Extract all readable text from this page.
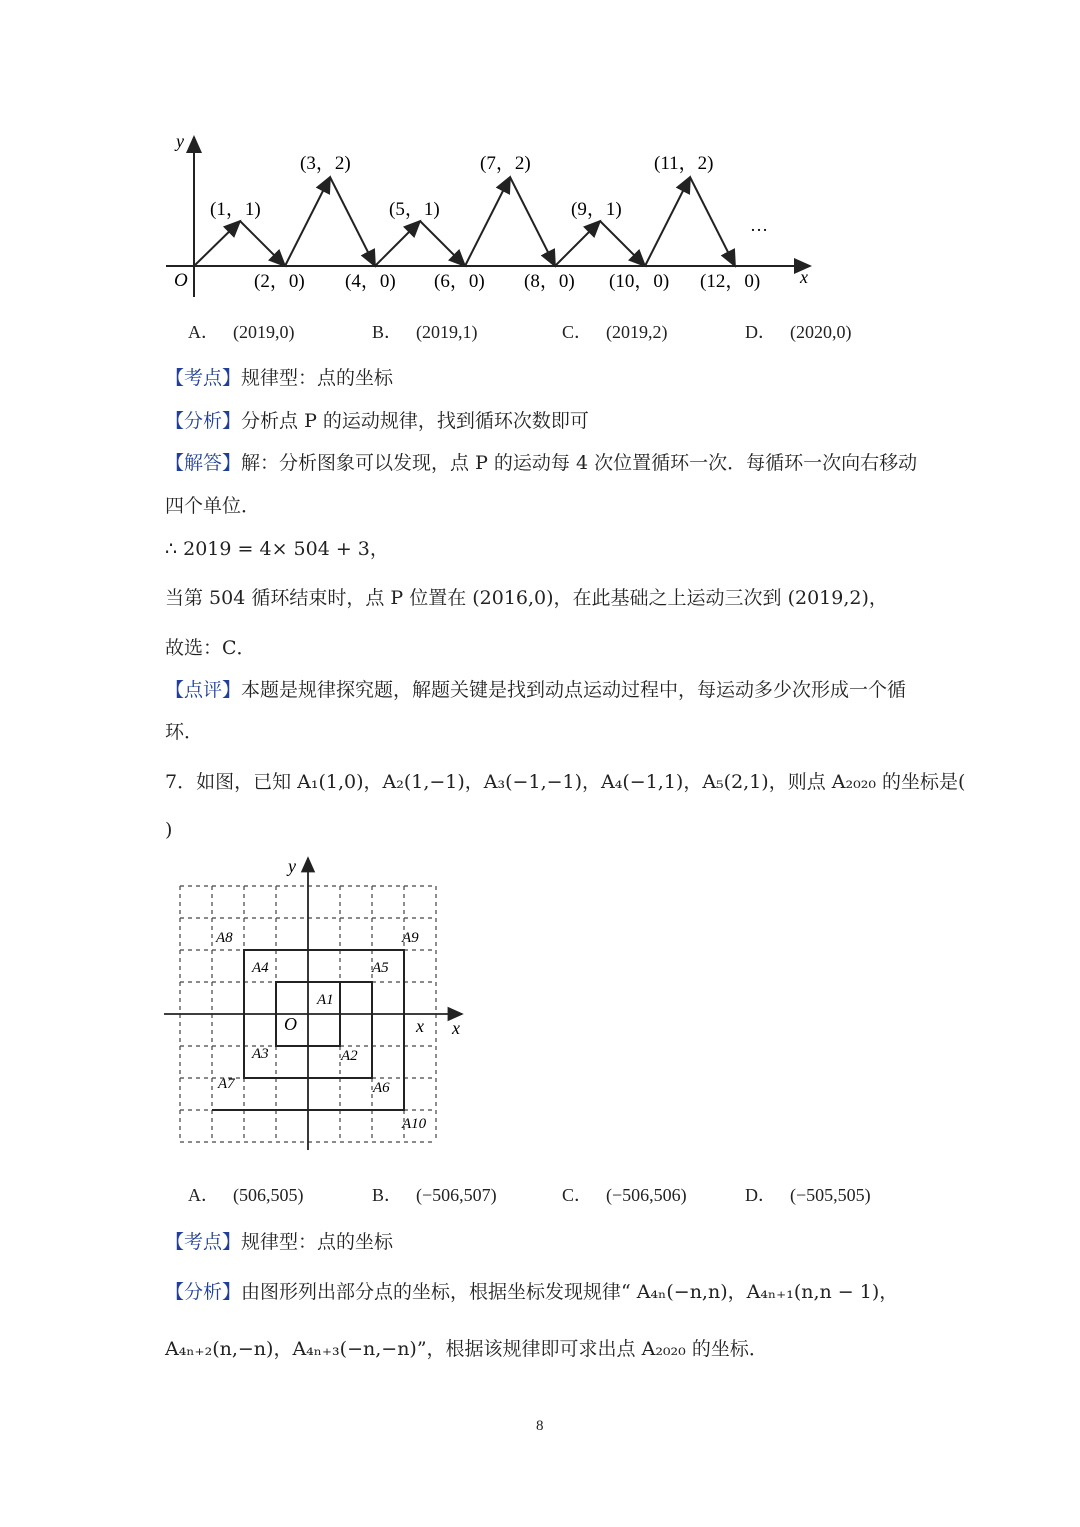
y
x
O
…
(1，1)
(3，2)
(5，1)
(7，2)
(9，1)
(11，2)
(2，0) (4，0) (6，0) (8，0) (10，0) (12，0)
A． (2019,0)	B． (2019,1)	C． (2019,2)	D． (2020,0)
【考点】规律型：点的坐标
【分析】分析点 P 的运动规律，找到循环次数即可
【解答】解：分析图象可以发现，点 P 的运动每 4 次位置循环一次．每循环一次向右移动
四个单位．
∴ 2019 = 4× 504 + 3，
当第 504 循环结束时，点 P 位置在 (2016,0)，在此基础之上运动三次到 (2019,2)，
故选：C．
【点评】本题是规律探究题，解题关键是找到动点运动过程中，每运动多少次形成一个循
环．
7．如图，已知 A₁(1,0)，A₂(1,−1)，A₃(−1,−1)，A₄(−1,1)，A₅(2,1)，则点 A₂₀₂₀ 的坐标是(
)
y
x
x
O
A1
A2
A3
A4	A5
A6
A7
A8	A9
A10
A． (506,505)	B． (−506,507)	C． (−506,506)	D． (−505,505)
【考点】规律型：点的坐标
【分析】由图形列出部分点的坐标，根据坐标发现规律“ A₄ₙ(−n,n)，A₄ₙ₊₁(n,n − 1)，
A₄ₙ₊₂(n,−n)，A₄ₙ₊₃(−n,−n)”，根据该规律即可求出点 A₂₀₂₀ 的坐标．
8
